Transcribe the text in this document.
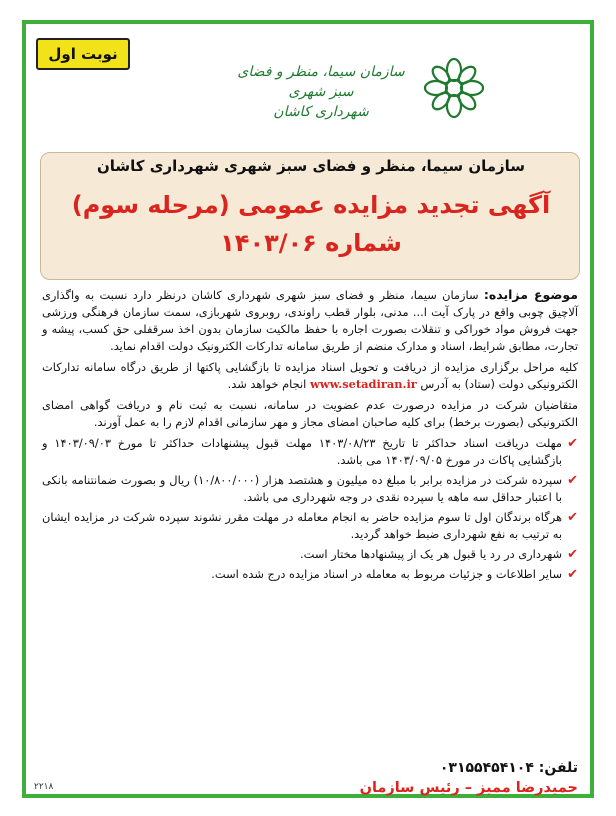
نوبت اول
سازمان سیما، منظر و فضای سبز شهری
شهرداری کاشان
سازمان سیما، منظر و فضای سبز شهری شهرداری کاشان
آگهی تجدید مزایده عمومی (مرحله سوم)
شماره ۱۴۰۳/۰۶

موضوع مزایده: سازمان سیما، منظر و فضای سبز شهری شهرداری کاشان درنظر دارد نسبت به واگذاری آلاچیق چوبی واقع در پارک آیت ا... مدنی، بلوار قطب راوندی، روبروی شهربازی، سمت سازمان فرهنگی ورزشی جهت فروش مواد خوراکی و تنقلات بصورت اجاره با حفظ مالکیت سازمان بدون اخذ سرقفلی حق کسب، پیشه و تجارت، مطابق شرایط، اسناد و مدارک منضم از طریق سامانه تدارکات الکترونیک دولت اقدام نماید.

کلیه مراحل برگزاری مزایده از دریافت و تحویل اسناد مزایده تا بازگشایی پاکتها از طریق درگاه سامانه تدارکات الکترونیکی دولت (ستاد) به آدرس www.setadiran.ir انجام خواهد شد.

متقاضیان شرکت در مزایده درصورت عدم عضویت در سامانه، نسبت به ثبت نام و دریافت گواهی امضای الکترونیکی (بصورت برخط) برای کلیه صاحبان امضای مجاز و مهر سازمانی اقدام لازم را به عمل آورند.

✔
مهلت دریافت اسناد حداکثر تا تاریخ ۱۴۰۳/۰۸/۲۳ مهلت قبول پیشنهادات حداکثر تا مورخ ۱۴۰۳/۰۹/۰۳ و بازگشایی پاکات در مورخ ۱۴۰۳/۰۹/۰۵ می باشد.
✔
سپرده شرکت در مزایده برابر با مبلغ ده میلیون و هشتصد هزار (۱۰/۸۰۰/۰۰۰) ریال و بصورت ضمانتنامه بانکی با اعتبار حداقل سه ماهه یا سپرده نقدی در وجه شهرداری می باشد.
✔
هرگاه برندگان اول تا سوم مزایده حاضر به انجام معامله در مهلت مقرر نشوند سپرده شرکت در مزایده ایشان به ترتیب به نفع شهرداری ضبط خواهد گردید.
✔
شهرداری در رد یا قبول هر یک از پیشنهادها مختار است.
✔
سایر اطلاعات و جزئیات مربوط به معامله در اسناد مزایده درج شده است.
تلفن: ۰۳۱۵۵۴۵۴۱۰۴
حمیدرضا ممیز – رئیس سازمان
۲۲۱۸
